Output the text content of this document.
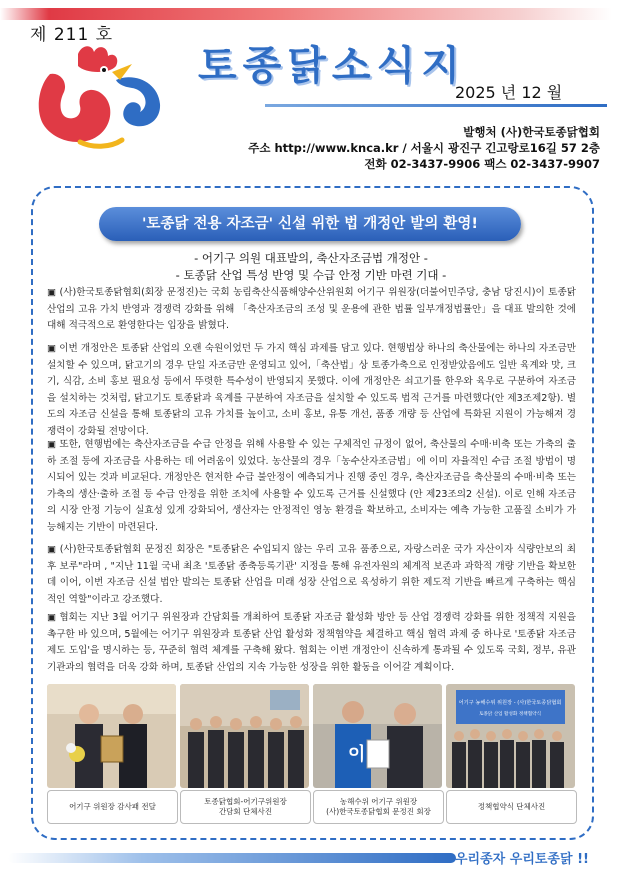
제 211 호
토종닭소식지
2025 년 12 월
발행처 (사)한국토종닭협회
주소 http://www.knca.kr / 서울시 광진구 긴고랑로16길 57 2층
전화 02-3437-9906 팩스 02-3437-9907
'토종닭 전용 자조금' 신설 위한 법 개정안 발의 환영!
- 어기구 의원 대표발의, 축산자조금법 개정안 -
- 토종닭 산업 특성 반영 및 수급 안정 기반 마련 기대 -

▣ (사)한국토종닭협회(회장 문정진)는 국회 농림축산식품해양수산위원회 어기구 위원장(더불어민주당, 충남 당진시)이 토종닭 산업의 고유 가치 반영과 경쟁력 강화를 위해 「축산자조금의 조성 및 운용에 관한 법률 일부개정법률안」을 대표 발의한 것에 대해 적극적으로 환영한다는 입장을 밝혔다.

▣ 이번 개정안은 토종닭 산업의 오랜 숙원이었던 두 가지 핵심 과제를 담고 있다. 현행법상 하나의 축산물에는 하나의 자조금만 설치할 수 있으며, 닭고기의 경우 단일 자조금만 운영되고 있어,「축산법」상 토종가축으로 인정받았음에도 일반 육계와 맛, 크기, 식감, 소비 홍보 필요성 등에서 뚜렷한 특수성이 반영되지 못했다. 이에 개정안은 쇠고기를 한우와 육우로 구분하여 자조금을 설치하는 것처럼, 닭고기도 토종닭과 육계를 구분하여 자조금을 설치할 수 있도록 법적 근거를 마련했다(안 제3조제2항). 별도의 자조금 신설을 통해 토종닭의 고유 가치를 높이고, 소비 홍보, 유통 개선, 품종 개량 등 산업에 특화된 지원이 가능해져 경쟁력이 강화될 전망이다.

▣ 또한, 현행법에는 축산자조금을 수급 안정을 위해 사용할 수 있는 구체적인 규정이 없어, 축산물의 수매·비축 또는 가축의 출하 조절 등에 자조금을 사용하는 데 어려움이 있었다. 농산물의 경우「농수산자조금법」에 이미 자율적인 수급 조절 방법이 명시되어 있는 것과 비교된다. 개정안은 현저한 수급 불안정이 예측되거나 진행 중인 경우, 축산자조금을 축산물의 수매·비축 또는 가축의 생산·출하 조절 등 수급 안정을 위한 조치에 사용할 수 있도록 근거를 신설했다 (안 제23조의2 신설). 이로 인해 자조금의 시장 안정 기능이 실효성 있게 강화되어, 생산자는 안정적인 영농 환경을 확보하고, 소비자는 예측 가능한 고품질 소비가 가능해지는 기반이 마련된다.

▣ (사)한국토종닭협회 문정진 회장은 "토종닭은 수입되지 않는 우리 고유 품종으로, 자랑스러운 국가 자산이자 식량안보의 최후 보루"라며 , "지난 11월 국내 최초 '토종닭 종축등록기관' 지정을 통해 유전자원의 체계적 보존과 과학적 개량 기반을 확보한 데 이어, 이번 자조금 신설 법안 발의는 토종닭 산업을 미래 성장 산업으로 육성하기 위한 제도적 기반을 빠르게 구축하는 핵심적인 역할"이라고 강조했다.

▣ 협회는 지난 3월 어기구 위원장과 간담회를 개최하여 토종닭 자조금 활성화 방안 등 산업 경쟁력 강화를 위한 정책적 지원을 촉구한 바 있으며, 5월에는 어기구 위원장과 토종닭 산업 활성화 정책협약을 체결하고 핵심 협력 과제 중 하나로 '토종닭 자조금 제도 도입'을 명시하는 등, 꾸준히 협력 체계를 구축해 왔다. 협회는 이번 개정안이 신속하게 통과될 수 있도록 국회, 정부, 유관기관과의 협력을 더욱 강화 하며, 토종닭 산업의 지속 가능한 성장을 위한 활동을 이어갈 계획이다.

이
어기구 농해수위 위원장 - (사)한국토종닭협회
토종닭 산업 활성화 정책협약식
어기구 위원장 감사패 전달
토종닭협회-어기구위원장
간담회 단체사진
농해수위 어기구 위원장
(사)한국토종닭협회 문정진 회장
정책협약식 단체사진
우리종자 우리토종닭 !!
